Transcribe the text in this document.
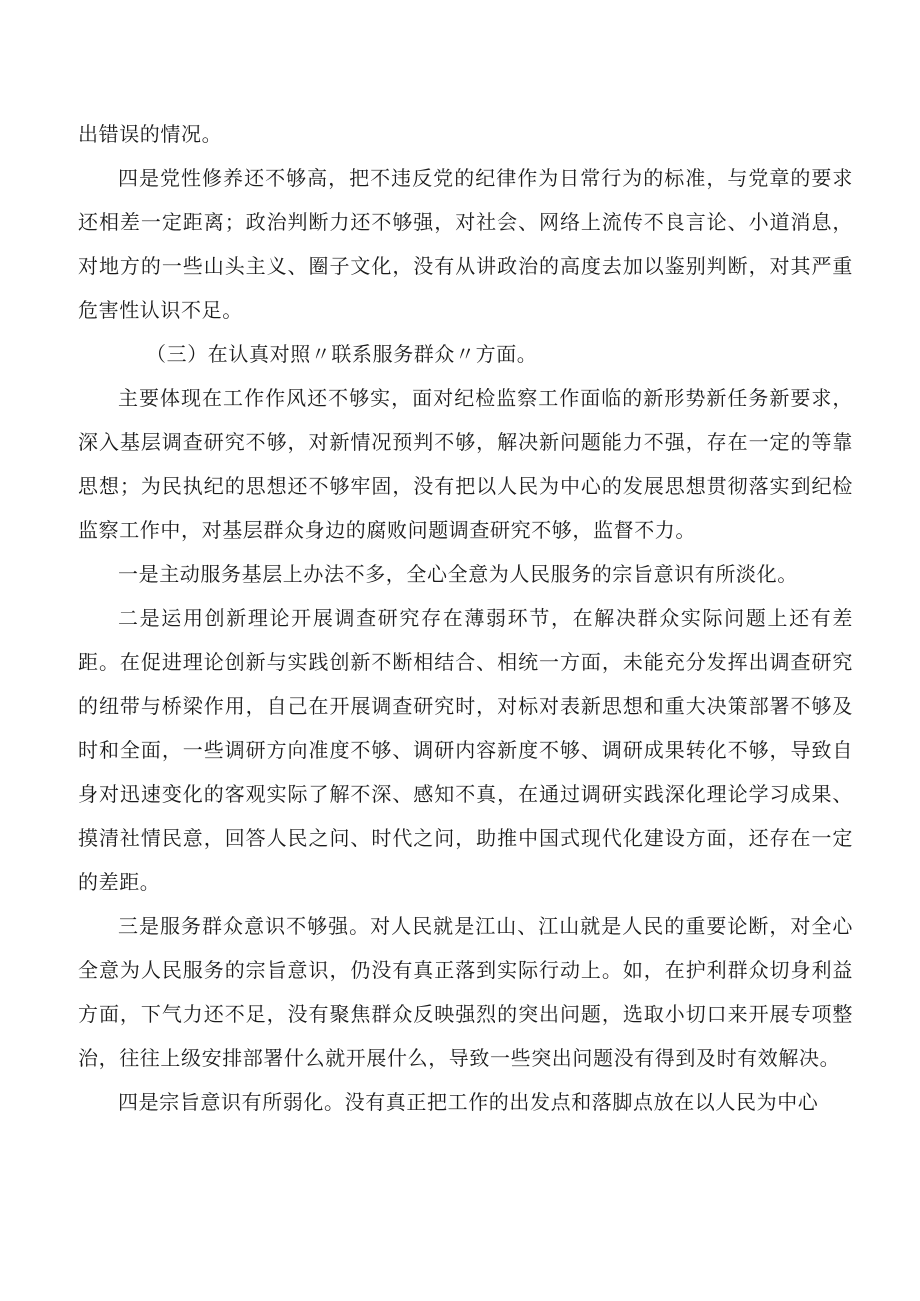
出错误的情况。

四是党性修养还不够高，把不违反党的纪律作为日常行为的标准，与党章的要求还相差一定距离；政治判断力还不够强，对社会、网络上流传不良言论、小道消息，对地方的一些山头主义、圈子文化，没有从讲政治的高度去加以鉴别判断，对其严重危害性认识不足。

（三）在认真对照〃联系服务群众〃方面。

主要体现在工作作风还不够实，面对纪检监察工作面临的新形势新任务新要求，深入基层调查研究不够，对新情况预判不够，解决新问题能力不强，存在一定的等靠思想；为民执纪的思想还不够牢固，没有把以人民为中心的发展思想贯彻落实到纪检监察工作中，对基层群众身边的腐败问题调查研究不够，监督不力。

一是主动服务基层上办法不多，全心全意为人民服务的宗旨意识有所淡化。

二是运用创新理论开展调查研究存在薄弱环节，在解决群众实际问题上还有差距。在促进理论创新与实践创新不断相结合、相统一方面，未能充分发挥出调查研究的纽带与桥梁作用，自己在开展调查研究时，对标对表新思想和重大决策部署不够及时和全面，一些调研方向准度不够、调研内容新度不够、调研成果转化不够，导致自身对迅速变化的客观实际了解不深、感知不真，在通过调研实践深化理论学习成果、摸清社情民意，回答人民之问、时代之问，助推中国式现代化建设方面，还存在一定的差距。

三是服务群众意识不够强。对人民就是江山、江山就是人民的重要论断，对全心全意为人民服务的宗旨意识，仍没有真正落到实际行动上。如，在护利群众切身利益方面，下气力还不足，没有聚焦群众反映强烈的突出问题，选取小切口来开展专项整治，往往上级安排部署什么就开展什么，导致一些突出问题没有得到及时有效解决。

四是宗旨意识有所弱化。没有真正把工作的出发点和落脚点放在以人民为中心
